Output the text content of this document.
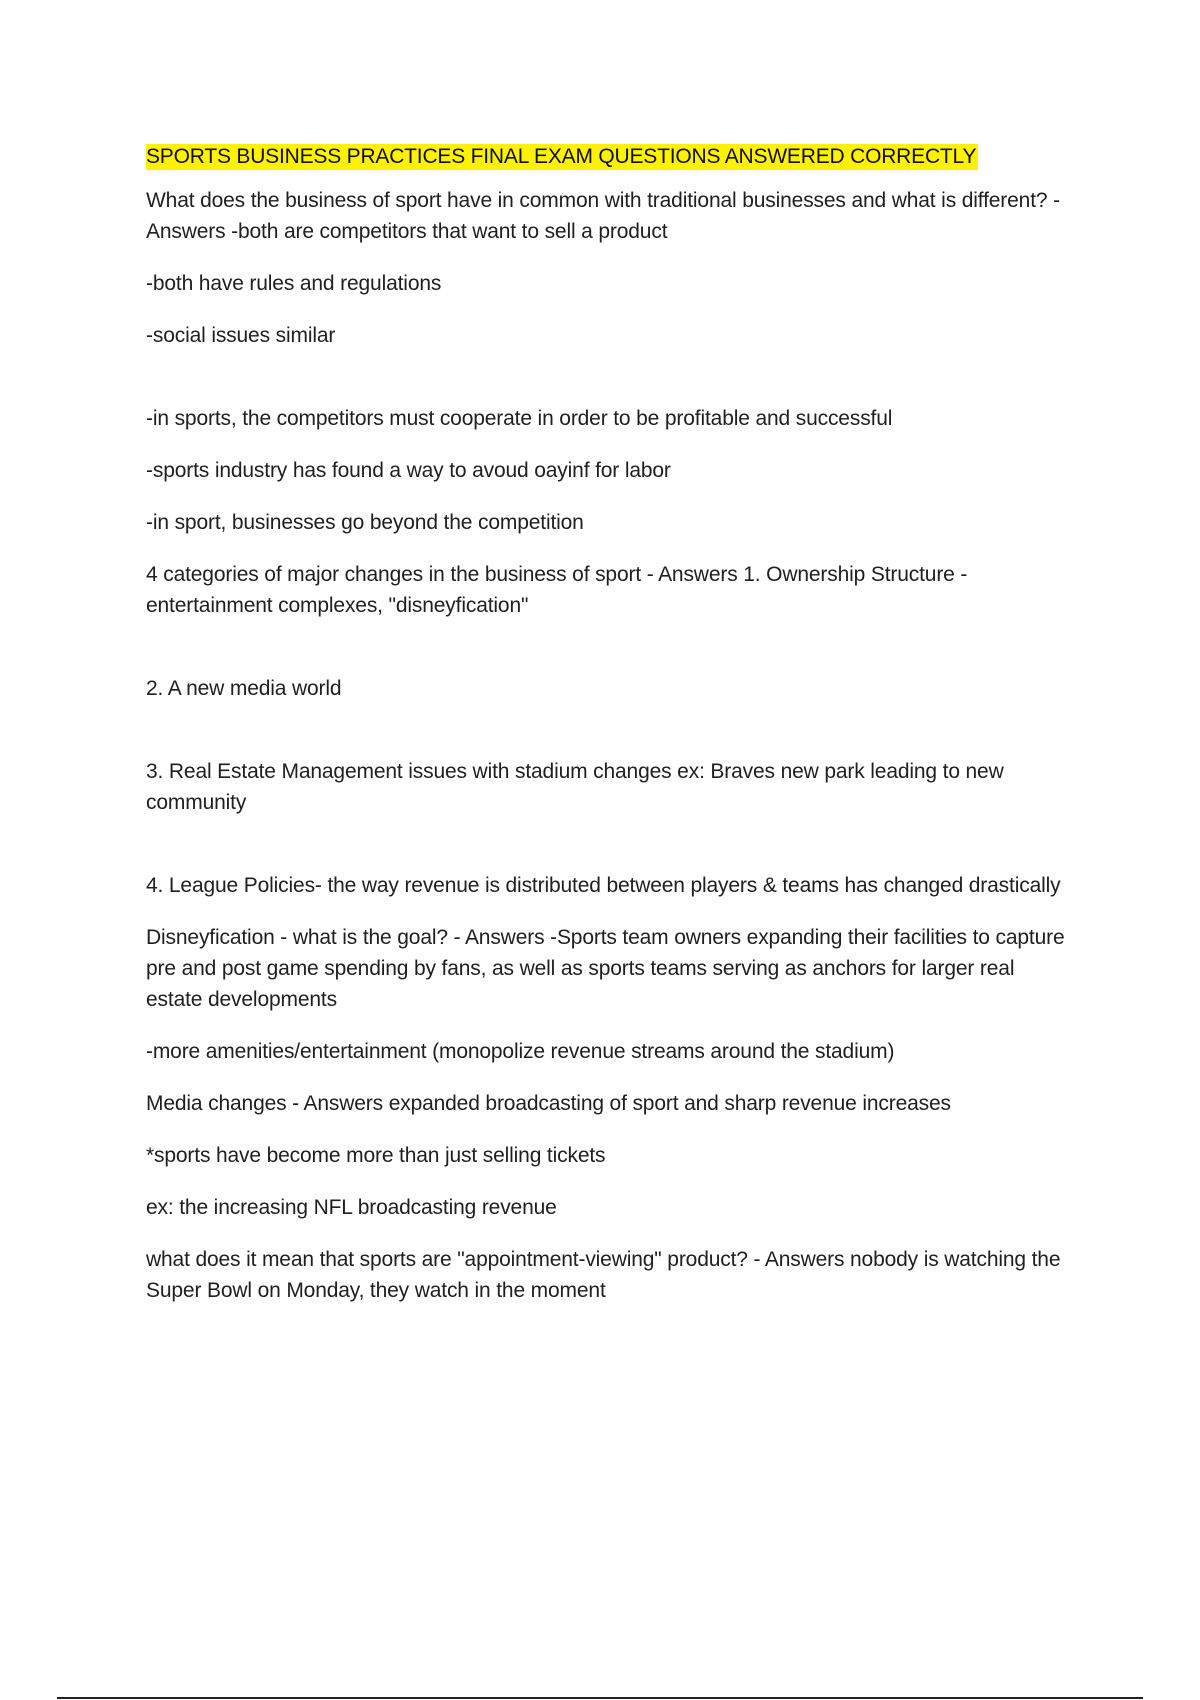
SPORTS BUSINESS PRACTICES FINAL EXAM QUESTIONS ANSWERED CORRECTLY

What does the business of sport have in common with traditional businesses and what is different? - Answers -both are competitors that want to sell a product

-both have rules and regulations

-social issues similar

-in sports, the competitors must cooperate in order to be profitable and successful

-sports industry has found a way to avoud oayinf for labor

-in sport, businesses go beyond the competition

4 categories of major changes in the business of sport - Answers 1. Ownership Structure - entertainment complexes, "disneyfication"

2. A new media world

3. Real Estate Management issues with stadium changes ex: Braves new park leading to new community

4. League Policies- the way revenue is distributed between players & teams has changed drastically

Disneyfication - what is the goal? - Answers -Sports team owners expanding their facilities to capture pre and post game spending by fans, as well as sports teams serving as anchors for larger real estate developments

-more amenities/entertainment (monopolize revenue streams around the stadium)

Media changes - Answers expanded broadcasting of sport and sharp revenue increases

*sports have become more than just selling tickets

ex: the increasing NFL broadcasting revenue

what does it mean that sports are "appointment-viewing" product? - Answers nobody is watching the Super Bowl on Monday, they watch in the moment
